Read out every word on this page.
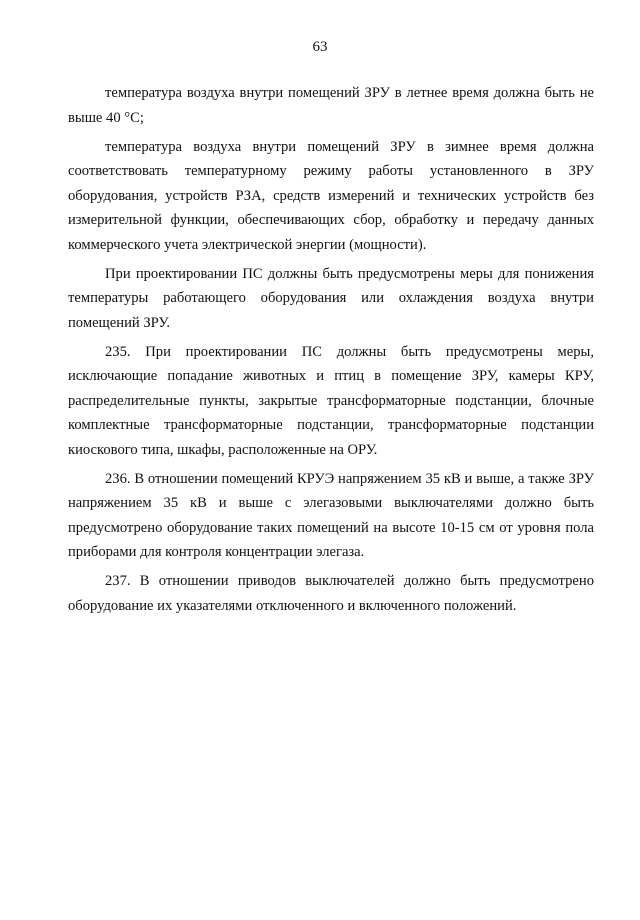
63

температура воздуха внутри помещений ЗРУ в летнее время должна быть не выше 40 °С;

температура воздуха внутри помещений ЗРУ в зимнее время должна соответствовать температурному режиму работы установленного в ЗРУ оборудования, устройств РЗА, средств измерений и технических устройств без измерительной функции, обеспечивающих сбор, обработку и передачу данных коммерческого учета электрической энергии (мощности).

При проектировании ПС должны быть предусмотрены меры для понижения температуры работающего оборудования или охлаждения воздуха внутри помещений ЗРУ.

235. При проектировании ПС должны быть предусмотрены меры, исключающие попадание животных и птиц в помещение ЗРУ, камеры КРУ, распределительные пункты, закрытые трансформаторные подстанции, блочные комплектные трансформаторные подстанции, трансформаторные подстанции киоскового типа, шкафы, расположенные на ОРУ.

236. В отношении помещений КРУЭ напряжением 35 кВ и выше, а также ЗРУ напряжением 35 кВ и выше с элегазовыми выключателями должно быть предусмотрено оборудование таких помещений на высоте 10-15 см от уровня пола приборами для контроля концентрации элегаза.

237. В отношении приводов выключателей должно быть предусмотрено оборудование их указателями отключенного и включенного положений.
